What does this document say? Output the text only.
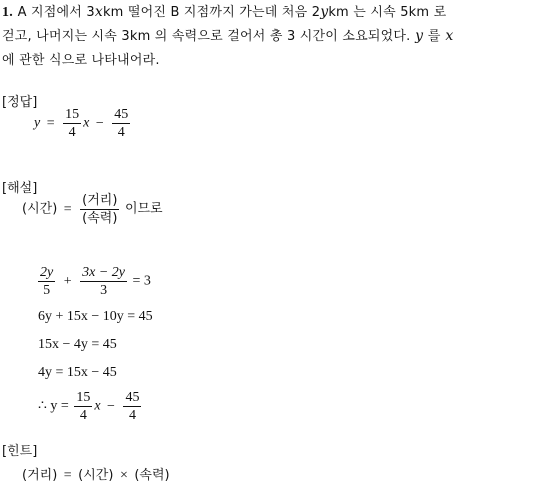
1. A 지점에서 3xkm 떨어진 B 지점까지 가는데 처음 2ykm 는 시속 5km 로
걷고, 나머지는 시속 3km 의 속력으로 걸어서 총 3 시간이 소요되었다. y 를 x
에 관한 식으로 나타내어라.
[정답]
$y = \frac{15}{4}$ $x - \frac{45}{4}$
[해설]
(시간) = $\frac{\text{(거리)}}{\text{(속력)}}$ 이므로
$\frac{2y}{5} + \frac{3x - 2y}{3} = 3$
6y + 15x − 10y = 45
15x − 4y = 45
4y = 15x − 45
∴ $y = \frac{15}{4}$ $x - \frac{45}{4}$
[힌트]
(거리) = (시간) × (속력)
